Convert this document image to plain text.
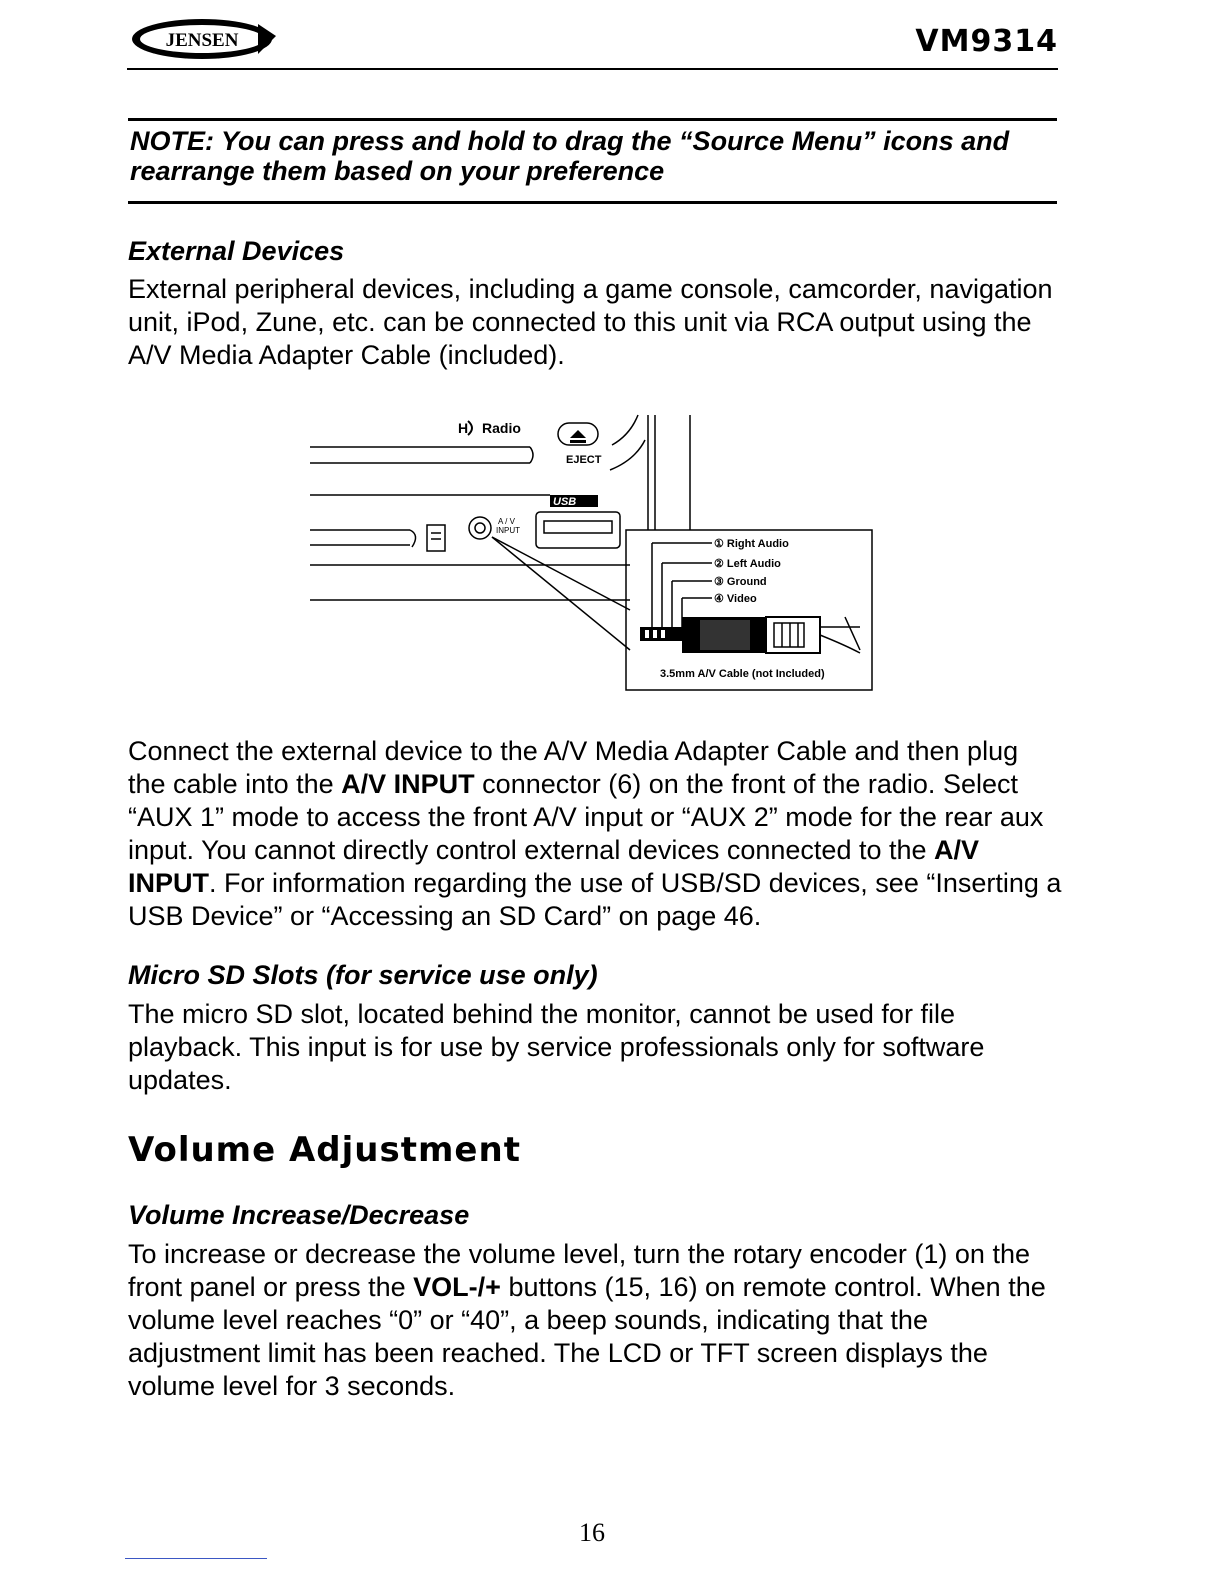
JENSEN	VM9314
NOTE: You can press and hold to drag the “Source Menu” icons and rearrange them based on your preference
External Devices
External peripheral devices, including a game console, camcorder, navigation unit, iPod, Zune, etc. can be connected to this unit via RCA output using the A/V Media Adapter Cable (included).
USB
H Radio
EJECT
A / V
INPUT
① Right Audio
② Left Audio
③ Ground
④ Video
3.5mm A/V Cable (not Included)
Connect the external device to the A/V Media Adapter Cable and then plug the cable into the A/V INPUT connector (6) on the front of the radio. Select “AUX 1” mode to access the front A/V input or “AUX 2” mode for the rear aux input. You cannot directly control external devices connected to the A/V INPUT. For information regarding the use of USB/SD devices, see “Inserting a USB Device” or “Accessing an SD Card” on page 46.
Micro SD Slots (for service use only)
The micro SD slot, located behind the monitor, cannot be used for file playback. This input is for use by service professionals only for software updates.
Volume Adjustment
Volume Increase/Decrease
To increase or decrease the volume level, turn the rotary encoder (1) on the front panel or press the VOL-/+ buttons (15, 16) on remote control. When the volume level reaches “0” or “40”, a beep sounds, indicating that the adjustment limit has been reached. The LCD or TFT screen displays the volume level for 3 seconds.
16
